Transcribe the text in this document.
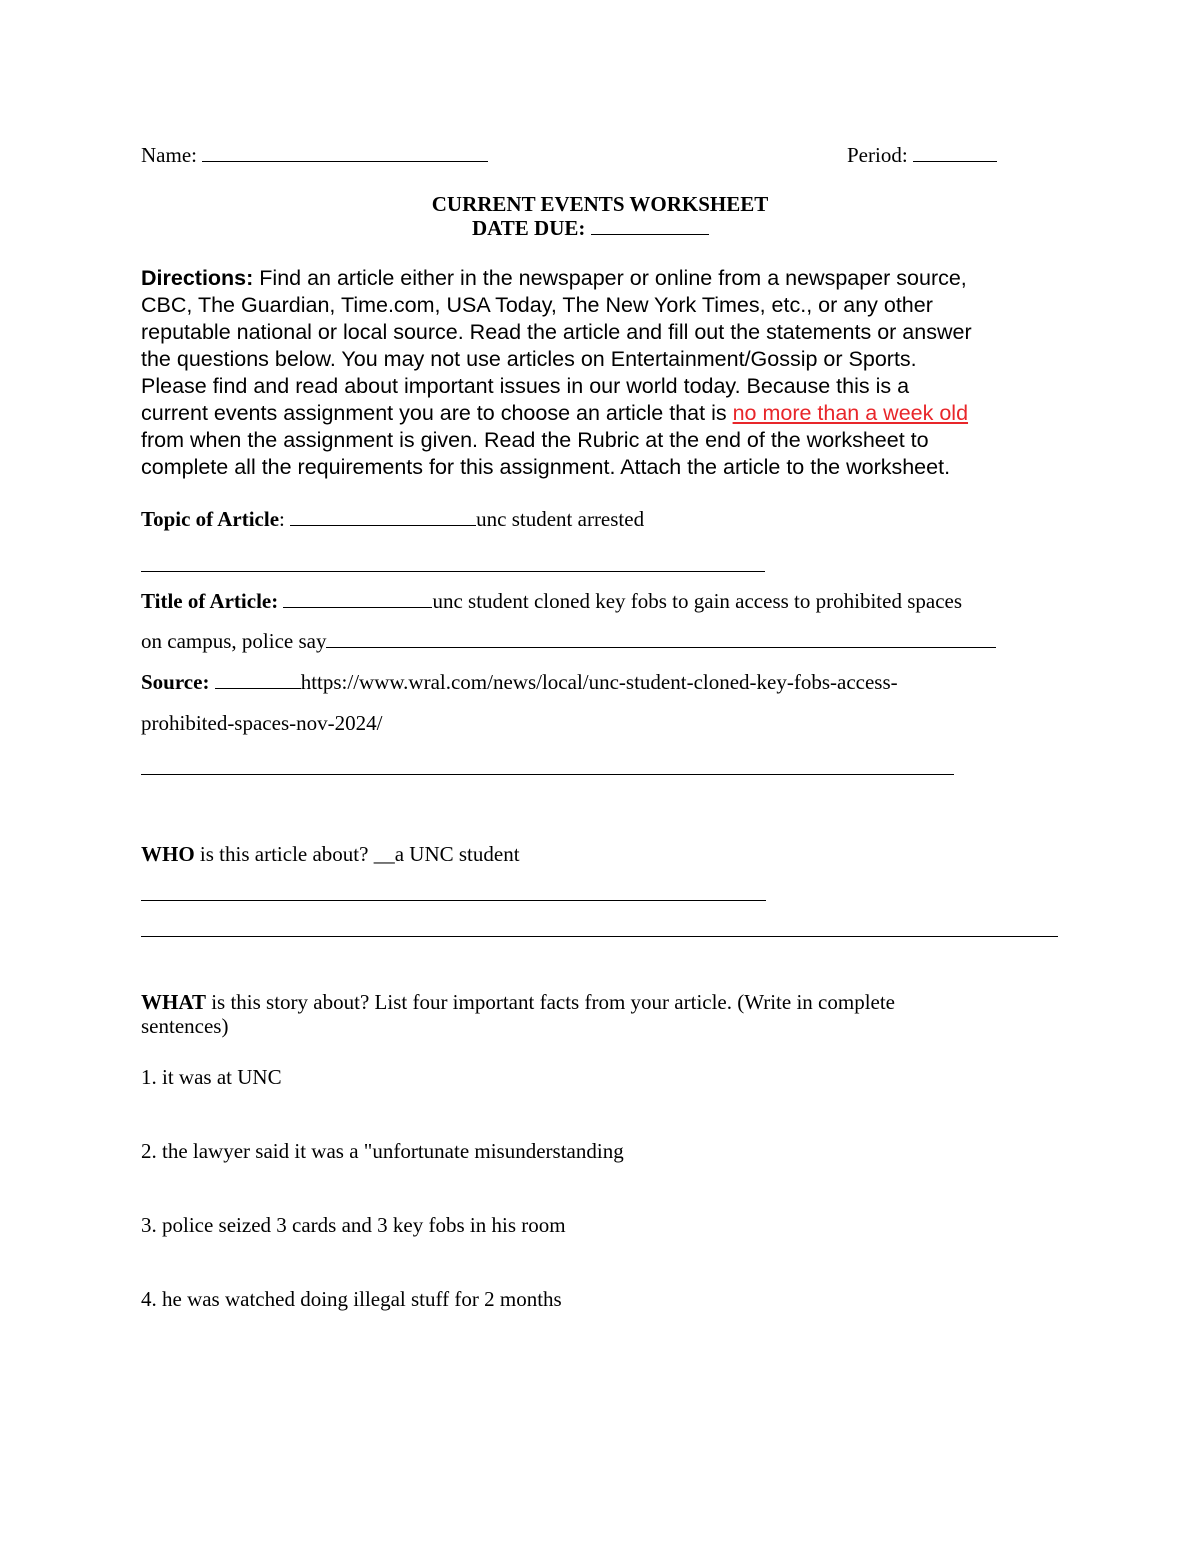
Name:	Period:
CURRENT EVENTS WORKSHEET
DATE DUE:
Directions: Find an article either in the newspaper or online from a newspaper source,
CBC, The Guardian, Time.com, USA Today, The New York Times, etc., or any other
reputable national or local source. Read the article and fill out the statements or answer
the questions below. You may not use articles on Entertainment/Gossip or Sports.
Please find and read about important issues in our world today. Because this is a
current events assignment you are to choose an article that is no more than a week old
from when the assignment is given. Read the Rubric at the end of the worksheet to
complete all the requirements for this assignment. Attach the article to the worksheet.
Topic of Article:	unc student arrested
Title of Article:	unc student cloned key fobs to gain access to prohibited spaces
on campus, police say
Source:	https://www.wral.com/news/local/unc-student-cloned-key-fobs-access-
prohibited-spaces-nov-2024/
WHO is this article about? __a UNC student
WHAT is this story about? List four important facts from your article. (Write in complete
sentences)
1. it was at UNC
2. the lawyer said it was a "unfortunate misunderstanding
3. police seized 3 cards and 3 key fobs in his room
4. he was watched doing illegal stuff for 2 months
